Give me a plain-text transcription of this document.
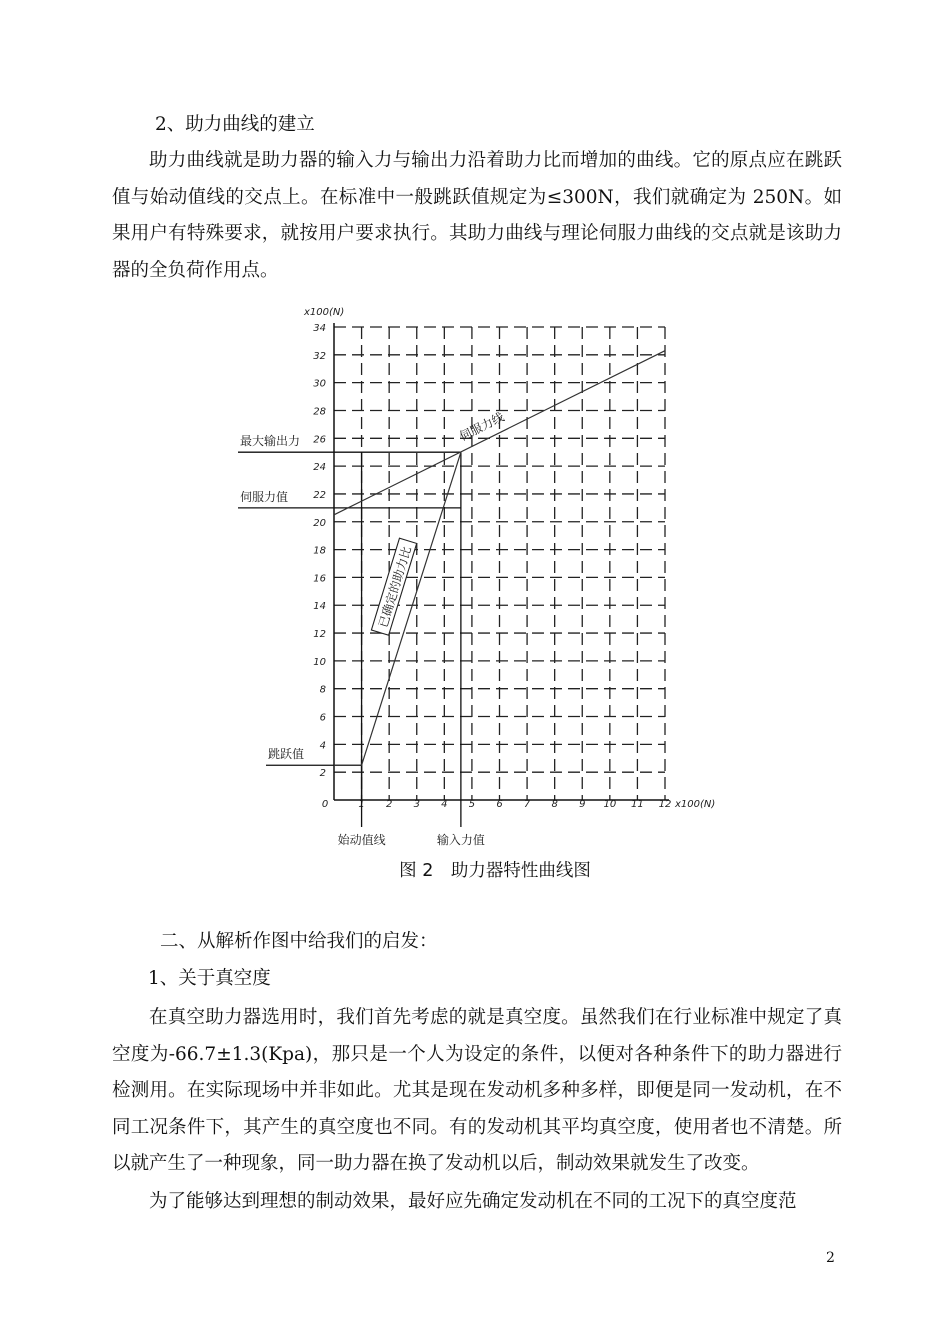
2、助力曲线的建立

助力曲线就是助力器的输入力与输出力沿着助力比而增加的曲线。它的原点应在跳跃值与始动值线的交点上。在标准中一般跳跃值规定为≤300N，我们就确定为 250N。如果用户有特殊要求，就按用户要求执行。其助力曲线与理论伺服力曲线的交点就是该助力器的全负荷作用点。

0	1 2 3 4 5 6 7 8 9 10 11 12 x100(N)
2
4
6
8
10
12
14
16
18
20
22
24
26
28
30
32
34
x100(N)
最大输出力
伺服力值
跳跃值
始动值线	输入力值
伺服力线
已确定的助力比
图 2　助力器特性曲线图

二、从解析作图中给我们的启发：

1、关于真空度

在真空助力器选用时，我们首先考虑的就是真空度。虽然我们在行业标准中规定了真空度为-66.7±1.3(Kpa)，那只是一个人为设定的条件，以便对各种条件下的助力器进行检测用。在实际现场中并非如此。尤其是现在发动机多种多样，即便是同一发动机，在不同工况条件下，其产生的真空度也不同。有的发动机其平均真空度，使用者也不清楚。所以就产生了一种现象，同一助力器在换了发动机以后，制动效果就发生了改变。

为了能够达到理想的制动效果，最好应先确定发动机在不同的工况下的真空度范

2
